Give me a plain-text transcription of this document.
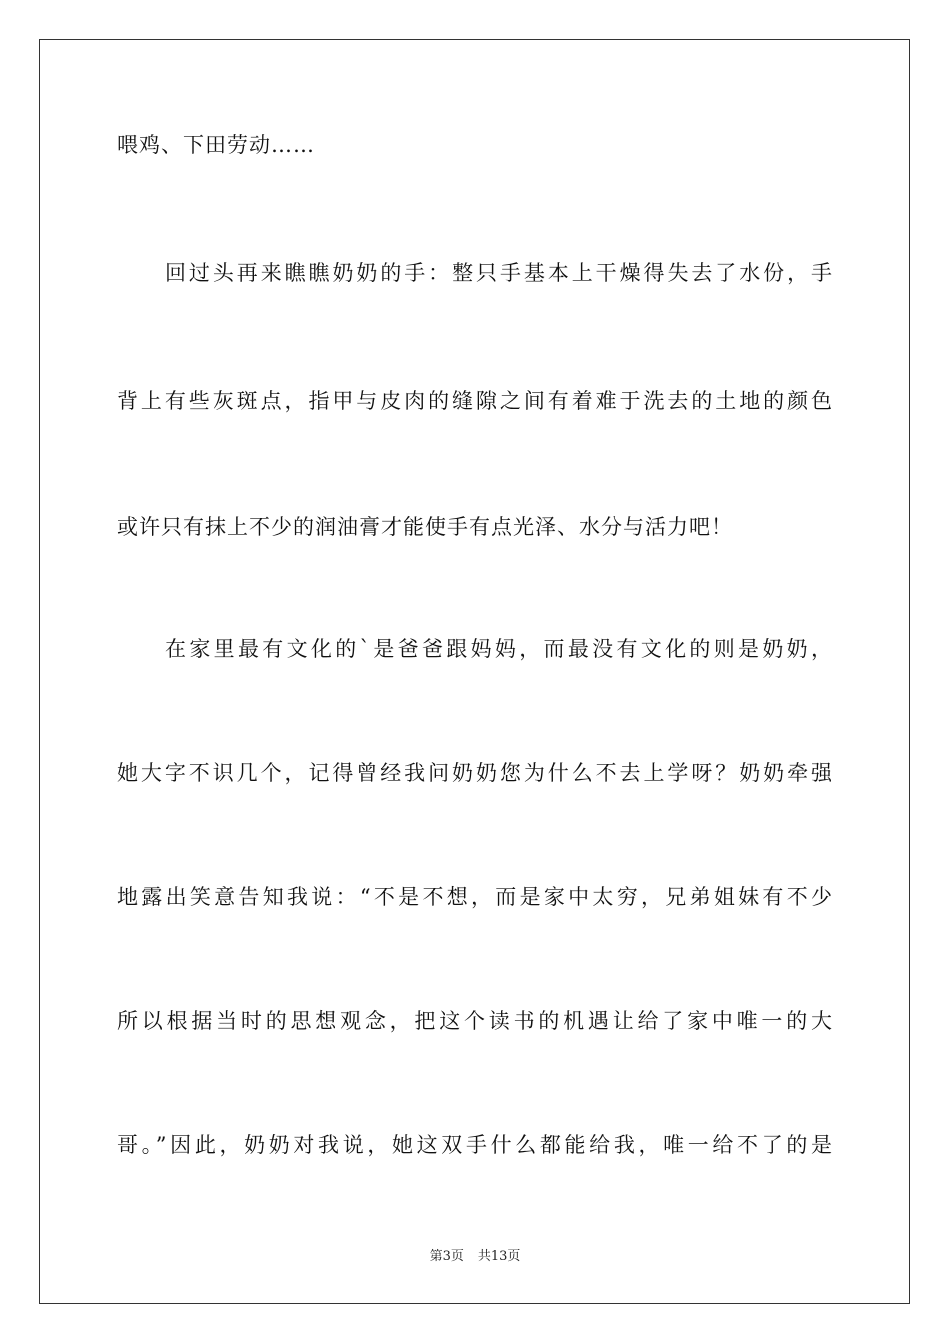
喂鸡、下田劳动……
回过头再来瞧瞧奶奶的手：整只手基本上干燥得失去了水份，手
背上有些灰斑点，指甲与皮肉的缝隙之间有着难于洗去的土地的颜色
或许只有抹上不少的润油膏才能使手有点光泽、水分与活力吧！
在家里最有文化的`是爸爸跟妈妈，而最没有文化的则是奶奶，
她大字不识几个，记得曾经我问奶奶您为什么不去上学呀？奶奶牵强
地露出笑意告知我说：“不是不想，而是家中太穷，兄弟姐妹有不少
所以根据当时的思想观念，把这个读书的机遇让给了家中唯一的大
哥。”因此，奶奶对我说，她这双手什么都能给我，唯一给不了的是
第3页 共13页
